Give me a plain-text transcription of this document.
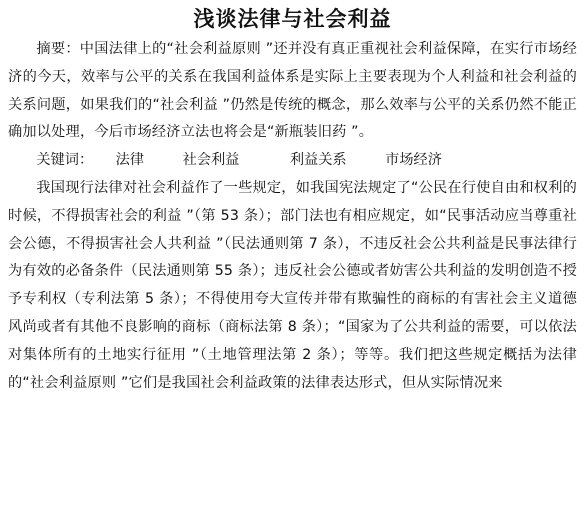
浅谈法律与社会利益

摘要：中国法律上的“社会利益原则 ”还并没有真正重视社会利益保障，在实行市场经济的今天，效率与公平的关系在我国利益体系是实际上主要表现为个人利益和社会利益的关系问题，如果我们的“社会利益 ”仍然是传统的概念，那么效率与公平的关系仍然不能正确加以处理，今后市场经济立法也将会是“新瓶装旧药 ”。

关键词： 法律	社会利益	利益关系	市场经济

我国现行法律对社会利益作了一些规定，如我国宪法规定了“公民在行使自由和权利的时候，不得损害社会的利益 ”（第 53 条）；部门法也有相应规定，如“民事活动应当尊重社会公德，不得损害社会人共利益 ”（民法通则第 7 条），不违反社会公共利益是民事法律行为有效的必备条件（民法通则第 55 条）；违反社会公德或者妨害公共利益的发明创造不授予专利权（专利法第 5 条）；不得使用夸大宣传并带有欺骗性的商标的有害社会主义道德风尚或者有其他不良影响的商标（商标法第 8 条）；“国家为了公共利益的需要，可以依法对集体所有的土地实行征用 ”（土地管理法第 2 条）；等等。我们把这些规定概括为法律的“社会利益原则 ”它们是我国社会利益政策的法律表达形式，但从实际情况来
